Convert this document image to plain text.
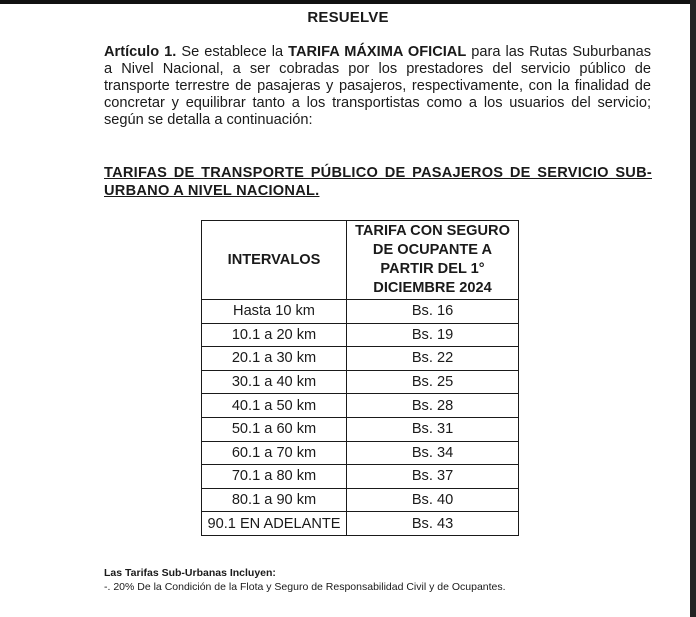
RESUELVE
Artículo 1. Se establece la TARIFA MÁXIMA OFICIAL para las Rutas Suburbanas a Nivel Nacional, a ser cobradas por los prestadores del servicio público de transporte terrestre de pasajeras y pasajeros, respectivamente, con la finalidad de concretar y equilibrar tanto a los transportistas como a los usuarios del servicio; según se detalla a continuación:
TARIFAS DE TRANSPORTE PÚBLICO DE PASAJEROS DE SERVICIO SUB-URBANO A NIVEL NACIONAL.
INTERVALOS	TARIFA CON SEGURO
DE OCUPANTE A
PARTIR DEL 1°
DICIEMBRE 2024

Hasta 10 km	Bs. 16
10.1 a 20 km	Bs. 19
20.1 a 30 km	Bs. 22
30.1 a 40 km	Bs. 25
40.1 a 50 km	Bs. 28
50.1 a 60 km	Bs. 31
60.1 a 70 km	Bs. 34
70.1 a 80 km	Bs. 37
80.1 a 90 km	Bs. 40
90.1 EN ADELANTE	Bs. 43
Las Tarifas Sub-Urbanas Incluyen:
-. 20% De la Condición de la Flota y Seguro de Responsabilidad Civil y de Ocupantes.
